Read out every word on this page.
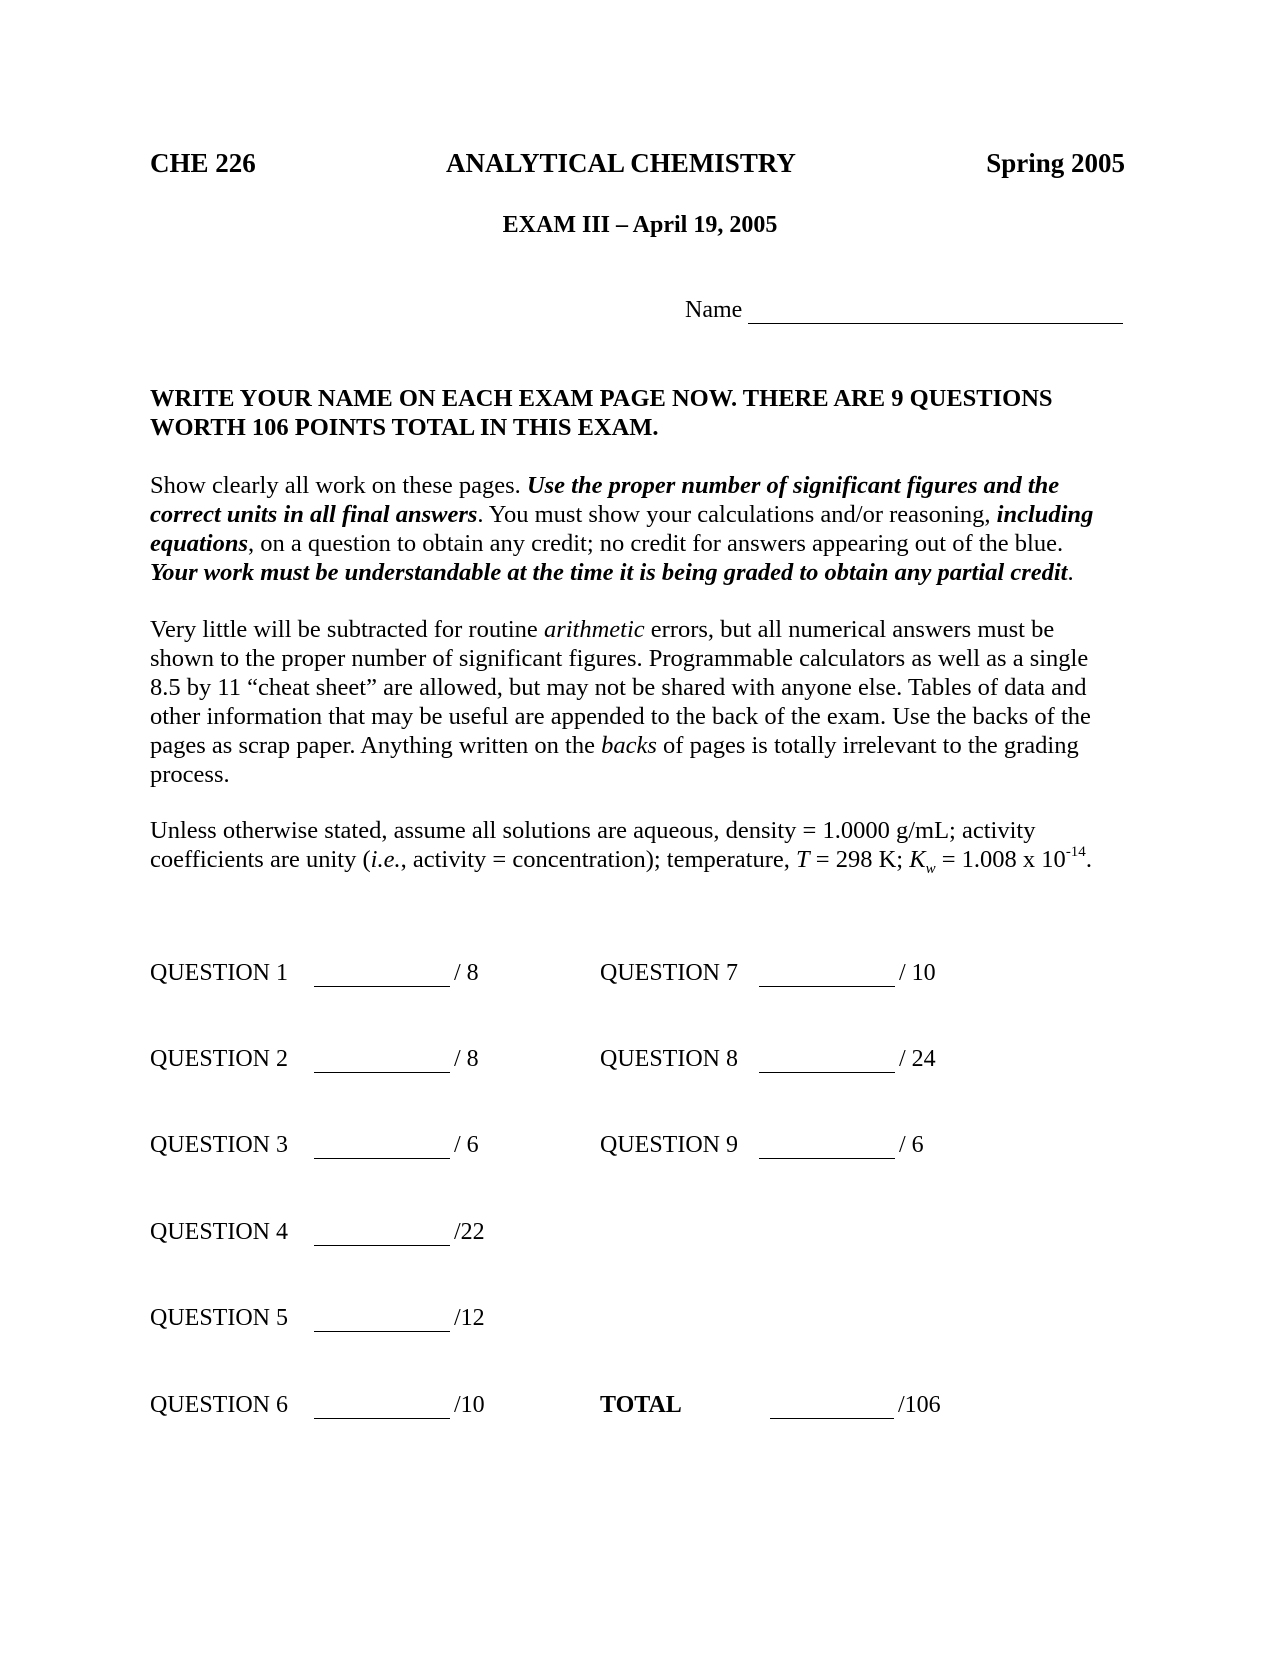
CHE 226	ANALYTICAL CHEMISTRY	Spring 2005
EXAM III – April 19, 2005
Name
WRITE YOUR NAME ON EACH EXAM PAGE NOW. THERE ARE 9 QUESTIONS
WORTH 106 POINTS TOTAL IN THIS EXAM.
Show clearly all work on these pages. Use the proper number of significant figures and the
correct units in all final answers. You must show your calculations and/or reasoning, including
equations, on a question to obtain any credit; no credit for answers appearing out of the blue.
Your work must be understandable at the time it is being graded to obtain any partial credit.
Very little will be subtracted for routine arithmetic errors, but all numerical answers must be
shown to the proper number of significant figures. Programmable calculators as well as a single
8.5 by 11 “cheat sheet” are allowed, but may not be shared with anyone else. Tables of data and
other information that may be useful are appended to the back of the exam. Use the backs of the
pages as scrap paper. Anything written on the backs of pages is totally irrelevant to the grading
process.
Unless otherwise stated, assume all solutions are aqueous, density = 1.0000 g/mL; activity
coefficients are unity (i.e., activity = concentration); temperature, T = 298 K; $K_w = 1.008$ x $10^{-14}$.
QUESTION 1	/ 8
QUESTION 2	/ 8
QUESTION 3	/ 6
QUESTION 4	/22
QUESTION 5	/12
QUESTION 6	/10
QUESTION 7	/ 10
QUESTION 8	/ 24
QUESTION 9	/ 6
TOTAL	/106
